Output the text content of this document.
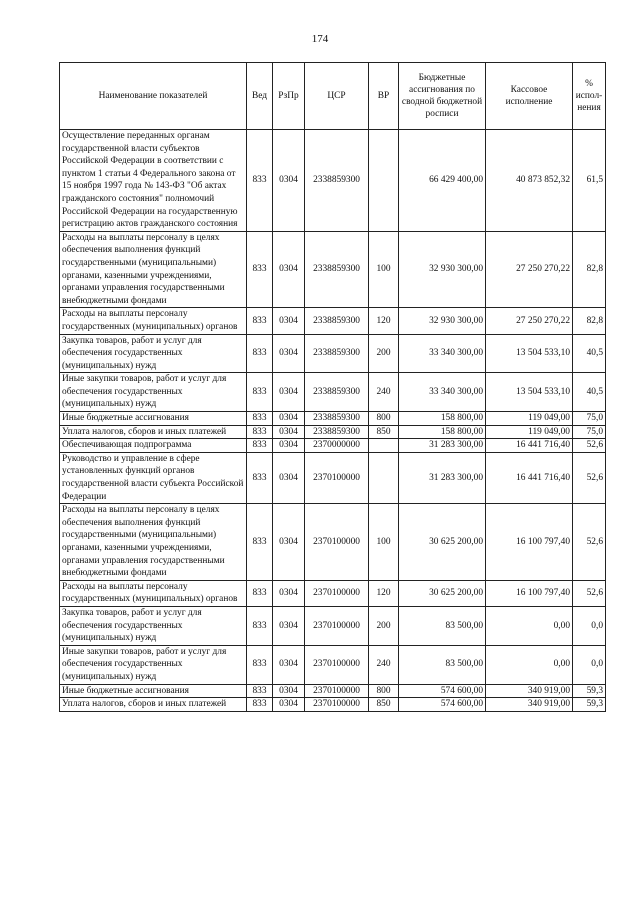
174
Наименование показателей	Вед	РзПр	ЦСР	ВР	Бюджетные ассигнования по сводной бюджетной росписи	Кассовое исполнение	% испол-нения
Осуществление переданных органам государственной власти субъектов Российской Федерации в соответствии с пунктом 1 статьи 4 Федерального закона от 15 ноября 1997 года № 143-ФЗ "Об актах гражданского состояния" полномочий Российской Федерации на государственную регистрацию актов гражданского состояния	833	0304	2338859300		66 429 400,00	40 873 852,32	61,5
Расходы на выплаты персоналу в целях обеспечения выполнения функций государственными (муниципальными) органами, казенными учреждениями, органами управления государственными внебюджетными фондами	833	0304	2338859300	100	32 930 300,00	27 250 270,22	82,8
Расходы на выплаты персоналу государственных (муниципальных) органов	833	0304	2338859300	120	32 930 300,00	27 250 270,22	82,8
Закупка товаров, работ и услуг для обеспечения государственных (муниципальных) нужд	833	0304	2338859300	200	33 340 300,00	13 504 533,10	40,5
Иные закупки товаров, работ и услуг для обеспечения государственных (муниципальных) нужд	833	0304	2338859300	240	33 340 300,00	13 504 533,10	40,5
Иные бюджетные ассигнования	833	0304	2338859300	800	158 800,00	119 049,00	75,0
Уплата налогов, сборов и иных платежей	833	0304	2338859300	850	158 800,00	119 049,00	75,0
Обеспечивающая подпрограмма	833	0304	2370000000		31 283 300,00	16 441 716,40	52,6
Руководство и управление в сфере установленных функций органов государственной власти субъекта Российской Федерации	833	0304	2370100000		31 283 300,00	16 441 716,40	52,6
Расходы на выплаты персоналу в целях обеспечения выполнения функций государственными (муниципальными) органами, казенными учреждениями, органами управления государственными внебюджетными фондами	833	0304	2370100000	100	30 625 200,00	16 100 797,40	52,6
Расходы на выплаты персоналу государственных (муниципальных) органов	833	0304	2370100000	120	30 625 200,00	16 100 797,40	52,6
Закупка товаров, работ и услуг для обеспечения государственных (муниципальных) нужд	833	0304	2370100000	200	83 500,00	0,00	0,0
Иные закупки товаров, работ и услуг для обеспечения государственных (муниципальных) нужд	833	0304	2370100000	240	83 500,00	0,00	0,0
Иные бюджетные ассигнования	833	0304	2370100000	800	574 600,00	340 919,00	59,3
Уплата налогов, сборов и иных платежей	833	0304	2370100000	850	574 600,00	340 919,00	59,3
